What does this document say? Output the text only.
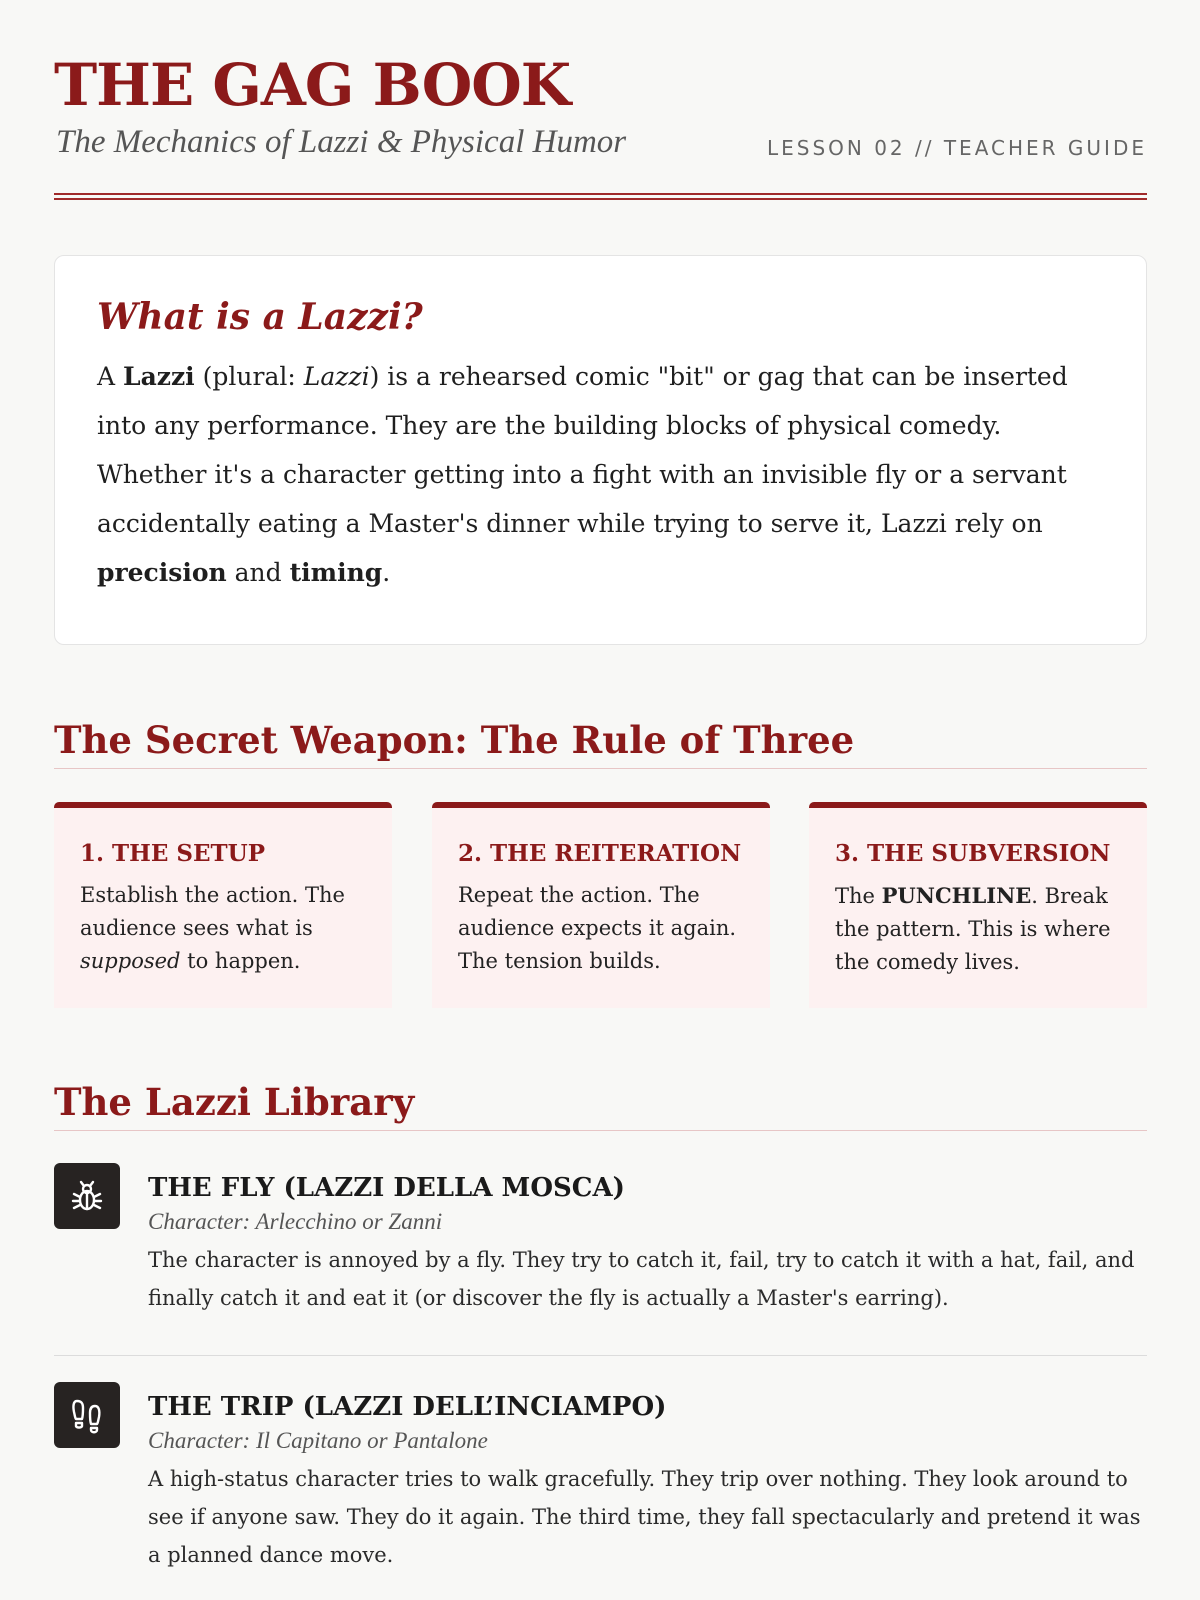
THE GAG BOOK
The Mechanics of Lazzi & Physical Humor	LESSON 02 // TEACHER GUIDE
What is a Lazzi?

A Lazzi (plural: Lazzi) is a rehearsed comic "bit" or gag that can be inserted into any performance. They are the building blocks of physical comedy. Whether it's a character getting into a fight with an invisible fly or a servant accidentally eating a Master's dinner while trying to serve it, Lazzi rely on precision and timing.

The Secret Weapon: The Rule of Three
1. THE SETUP

Establish the action. The audience sees what is supposed to happen.

2. THE REITERATION

Repeat the action. The audience expects it again. The tension builds.

3. THE SUBVERSION

The PUNCHLINE. Break the pattern. This is where the comedy lives.

The Lazzi Library
THE FLY (LAZZI DELLA MOSCA)

Character: Arlecchino or Zanni

The character is annoyed by a fly. They try to catch it, fail, try to catch it with a hat, fail, and finally catch it and eat it (or discover the fly is actually a Master's earring).

THE TRIP (LAZZI DELL’INCIAMPO)

Character: Il Capitano or Pantalone

A high-status character tries to walk gracefully. They trip over nothing. They look around to see if anyone saw. They do it again. The third time, they fall spectacularly and pretend it was a planned dance move.
